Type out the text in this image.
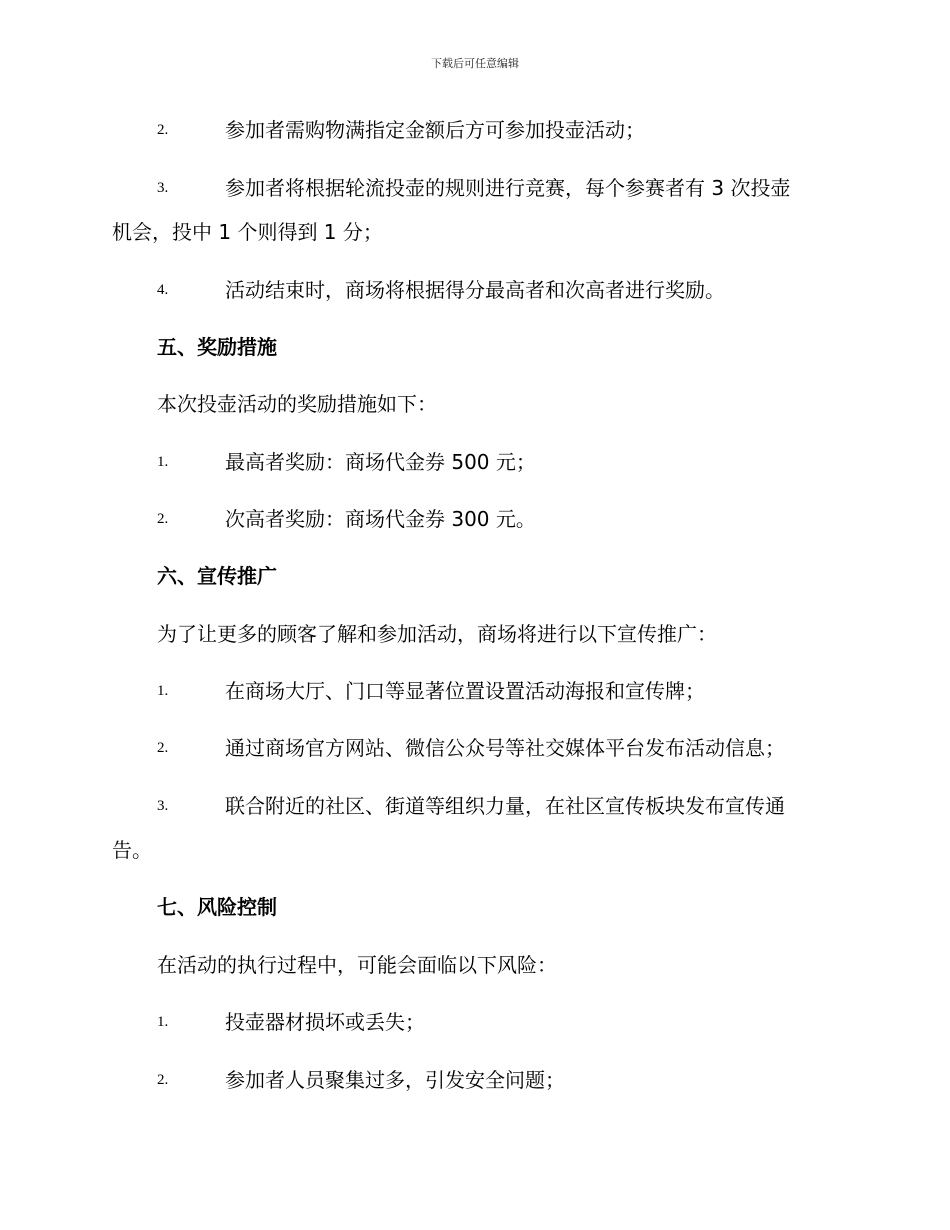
下载后可任意编辑
2.	参加者需购物满指定金额后方可参加投壶活动；
3.	参加者将根据轮流投壶的规则进行竞赛，每个参赛者有 3 次投壶
机会，投中 1 个则得到 1 分；
4.	活动结束时，商场将根据得分最高者和次高者进行奖励。
五、奖励措施
本次投壶活动的奖励措施如下：
1.	最高者奖励：商场代金券 500 元；
2.	次高者奖励：商场代金券 300 元。
六、宣传推广
为了让更多的顾客了解和参加活动，商场将进行以下宣传推广：
1.	在商场大厅、门口等显著位置设置活动海报和宣传牌；
2.	通过商场官方网站、微信公众号等社交媒体平台发布活动信息；
3.	联合附近的社区、街道等组织力量，在社区宣传板块发布宣传通
告。
七、风险控制
在活动的执行过程中，可能会面临以下风险：
1.	投壶器材损坏或丢失；
2.	参加者人员聚集过多，引发安全问题；
